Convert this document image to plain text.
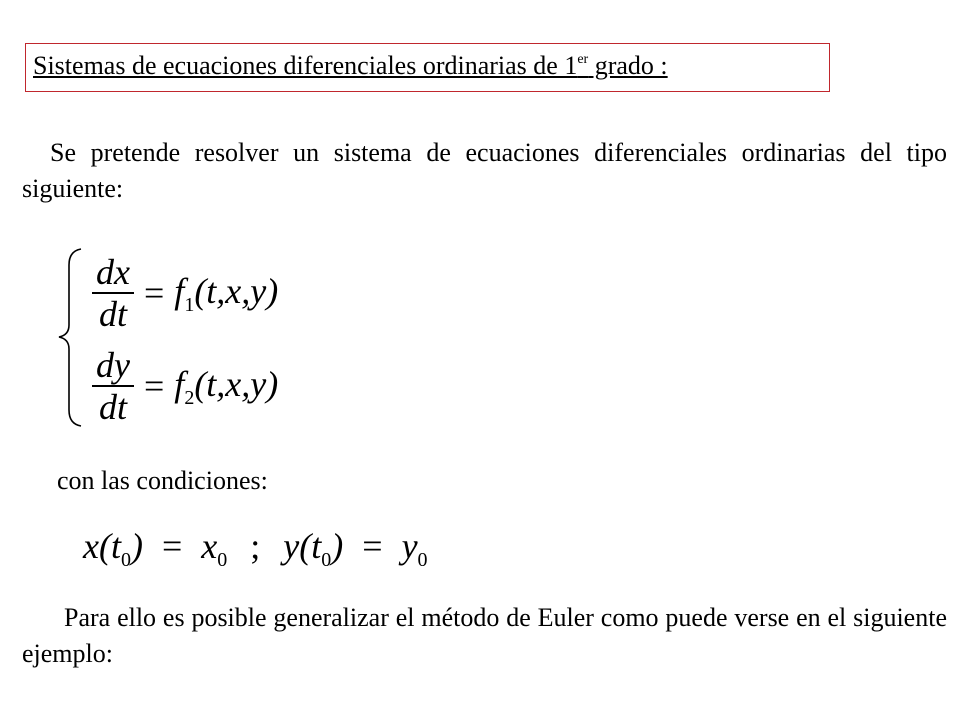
Sistemas de ecuaciones diferenciales ordinarias de 1er grado :
Se pretende resolver un sistema de ecuaciones diferenciales ordinarias del tipo siguiente:
$\frac{dx}{dt} = f_1(t,x,y)$
$\frac{dy}{dt} = f_2(t,x,y)$
con las condiciones:
$x(t_0) = x_0$ ; $y(t_0) = y_0$
Para ello es posible generalizar el método de Euler como puede verse en el siguiente ejemplo:
